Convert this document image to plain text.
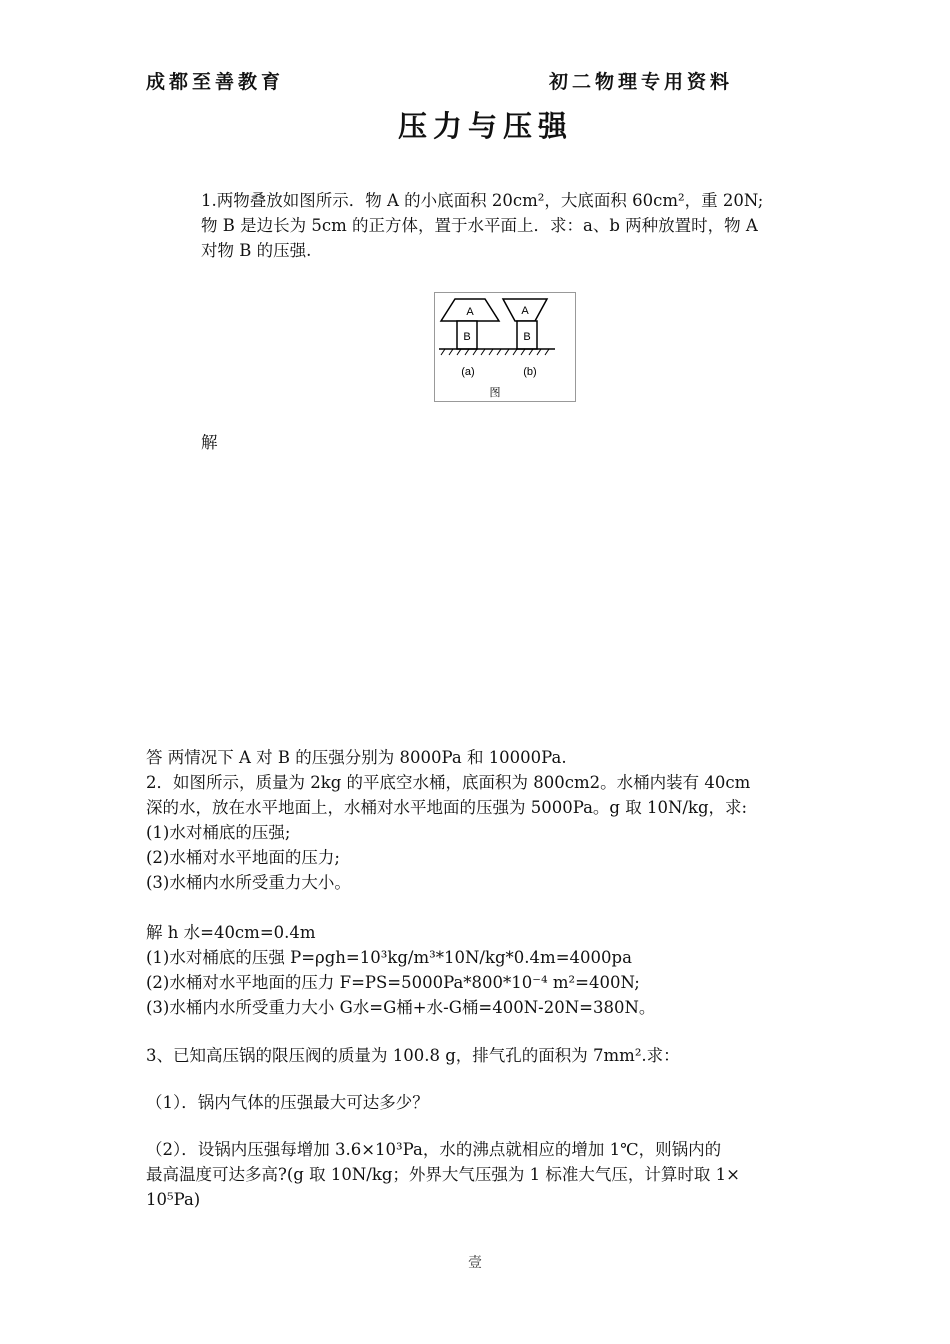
成都至善教育	初二物理专用资料
压力与压强
1.两物叠放如图所示．物 A 的小底面积 20cm²，大底面积 60cm²，重 20N;
物 B 是边长为 5cm 的正方体，置于水平面上．求：a、b 两种放置时，物 A
对物 B 的压强.
A
B
A
B
(a)	(b)
图
解
答 两情况下 A 对 B 的压强分别为 8000Pa 和 10000Pa.
2．如图所示，质量为 2kg 的平底空水桶，底面积为 800cm2。水桶内装有 40cm
深的水，放在水平地面上，水桶对水平地面的压强为 5000Pa。g 取 10N/kg，求:
(1)水对桶底的压强;
(2)水桶对水平地面的压力;
(3)水桶内水所受重力大小。
解 h 水=40cm=0.4m
(1)水对桶底的压强 P=ρgh=10³kg/m³*10N/kg*0.4m=4000pa
(2)水桶对水平地面的压力 F=PS=5000Pa*800*10⁻⁴ m²=400N;
(3)水桶内水所受重力大小 G水=G桶+水-G桶=400N-20N=380N。
3、已知高压锅的限压阀的质量为 100.8 g，排气孔的面积为 7mm².求：
（1）．锅内气体的压强最大可达多少？
（2）．设锅内压强每增加 3.6×10³Pa，水的沸点就相应的增加 1℃，则锅内的
最高温度可达多高?(g 取 10N/kg；外界大气压强为 1 标准大气压，计算时取 1×
10⁵Pa)
壹
